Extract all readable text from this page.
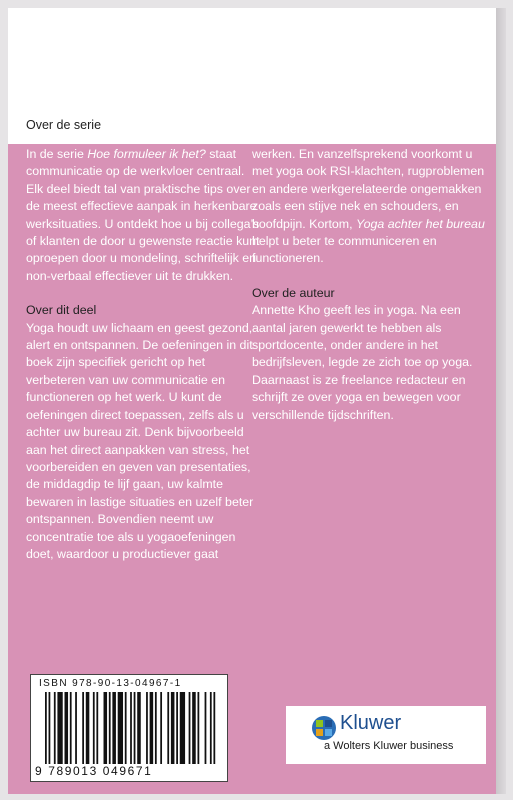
Over de serie
In de serie Hoe formuleer ik het? staat
communicatie op de werkvloer centraal.
Elk deel biedt tal van praktische tips over
de meest effectieve aanpak in herkenbare
werksituaties. U ontdekt hoe u bij collega’s
of klanten de door u gewenste reactie kunt
oproepen door u mondeling, schriftelijk en
non-verbaal effectiever uit te drukken.
Over dit deel
Yoga houdt uw lichaam en geest gezond,
alert en ontspannen. De oefeningen in dit
boek zijn specifiek gericht op het
verbeteren van uw communicatie en
functioneren op het werk. U kunt de
oefeningen direct toepassen, zelfs als u
achter uw bureau zit. Denk bijvoorbeeld
aan het direct aanpakken van stress, het
voorbereiden en geven van presentaties,
de middagdip te lijf gaan, uw kalmte
bewaren in lastige situaties en uzelf beter
ontspannen. Bovendien neemt uw
concentratie toe als u yogaoefeningen
doet, waardoor u productiever gaat
werken. En vanzelfsprekend voorkomt u
met yoga ook RSI-klachten, rugproblemen
en andere werkgerelateerde ongemakken
zoals een stijve nek en schouders, en
hoofdpijn. Kortom, Yoga achter het bureau
helpt u beter te communiceren en
functioneren.
Over de auteur
Annette Kho geeft les in yoga. Na een
aantal jaren gewerkt te hebben als
sportdocente, onder andere in het
bedrijfsleven, legde ze zich toe op yoga.
Daarnaast is ze freelance redacteur en
schrijft ze over yoga en bewegen voor
verschillende tijdschriften.
ISBN 978-90-13-04967-1
9 789013 049671
Kluwer
a Wolters Kluwer business
